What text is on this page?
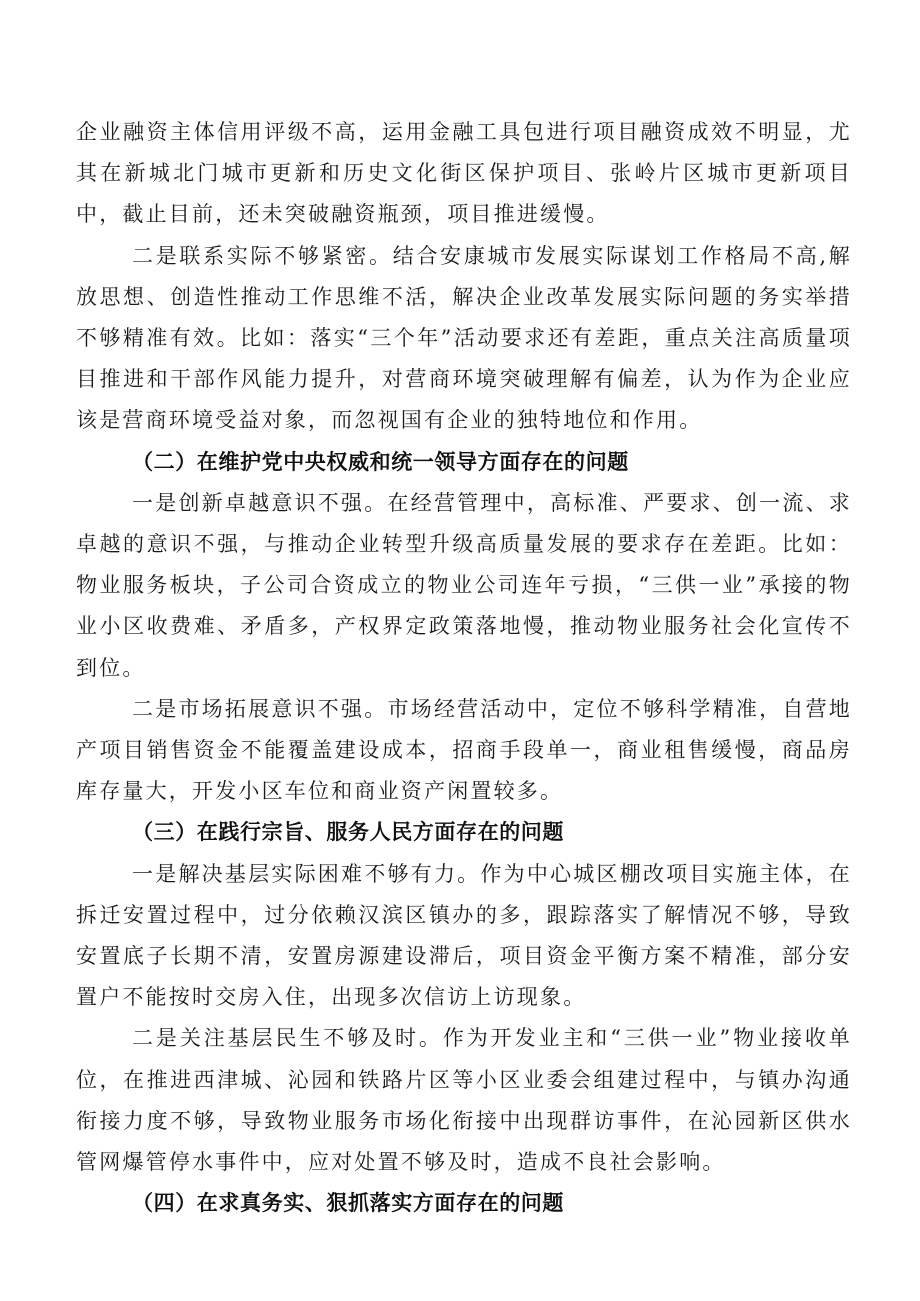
企业融资主体信用评级不高，运用金融工具包进行项目融资成效不明显，尤其在新城北门城市更新和历史文化街区保护项目、张岭片区城市更新项目中，截止目前，还未突破融资瓶颈，项目推进缓慢。

二是联系实际不够紧密。结合安康城市发展实际谋划工作格局不高,解放思想、创造性推动工作思维不活，解决企业改革发展实际问题的务实举措不够精准有效。比如：落实“三个年”活动要求还有差距，重点关注高质量项目推进和干部作风能力提升，对营商环境突破理解有偏差，认为作为企业应该是营商环境受益对象，而忽视国有企业的独特地位和作用。

（二）在维护党中央权威和统一领导方面存在的问题

一是创新卓越意识不强。在经营管理中，高标准、严要求、创一流、求卓越的意识不强，与推动企业转型升级高质量发展的要求存在差距。比如：物业服务板块，子公司合资成立的物业公司连年亏损，“三供一业”承接的物业小区收费难、矛盾多，产权界定政策落地慢，推动物业服务社会化宣传不到位。

二是市场拓展意识不强。市场经营活动中，定位不够科学精准，自营地产项目销售资金不能覆盖建设成本，招商手段单一，商业租售缓慢，商品房库存量大，开发小区车位和商业资产闲置较多。

（三）在践行宗旨、服务人民方面存在的问题

一是解决基层实际困难不够有力。作为中心城区棚改项目实施主体，在拆迁安置过程中，过分依赖汉滨区镇办的多，跟踪落实了解情况不够，导致安置底子长期不清，安置房源建设滞后，项目资金平衡方案不精准，部分安置户不能按时交房入住，出现多次信访上访现象。

二是关注基层民生不够及时。作为开发业主和“三供一业”物业接收单位，在推进西津城、沁园和铁路片区等小区业委会组建过程中，与镇办沟通衔接力度不够，导致物业服务市场化衔接中出现群访事件，在沁园新区供水管网爆管停水事件中，应对处置不够及时，造成不良社会影响。

（四）在求真务实、狠抓落实方面存在的问题
